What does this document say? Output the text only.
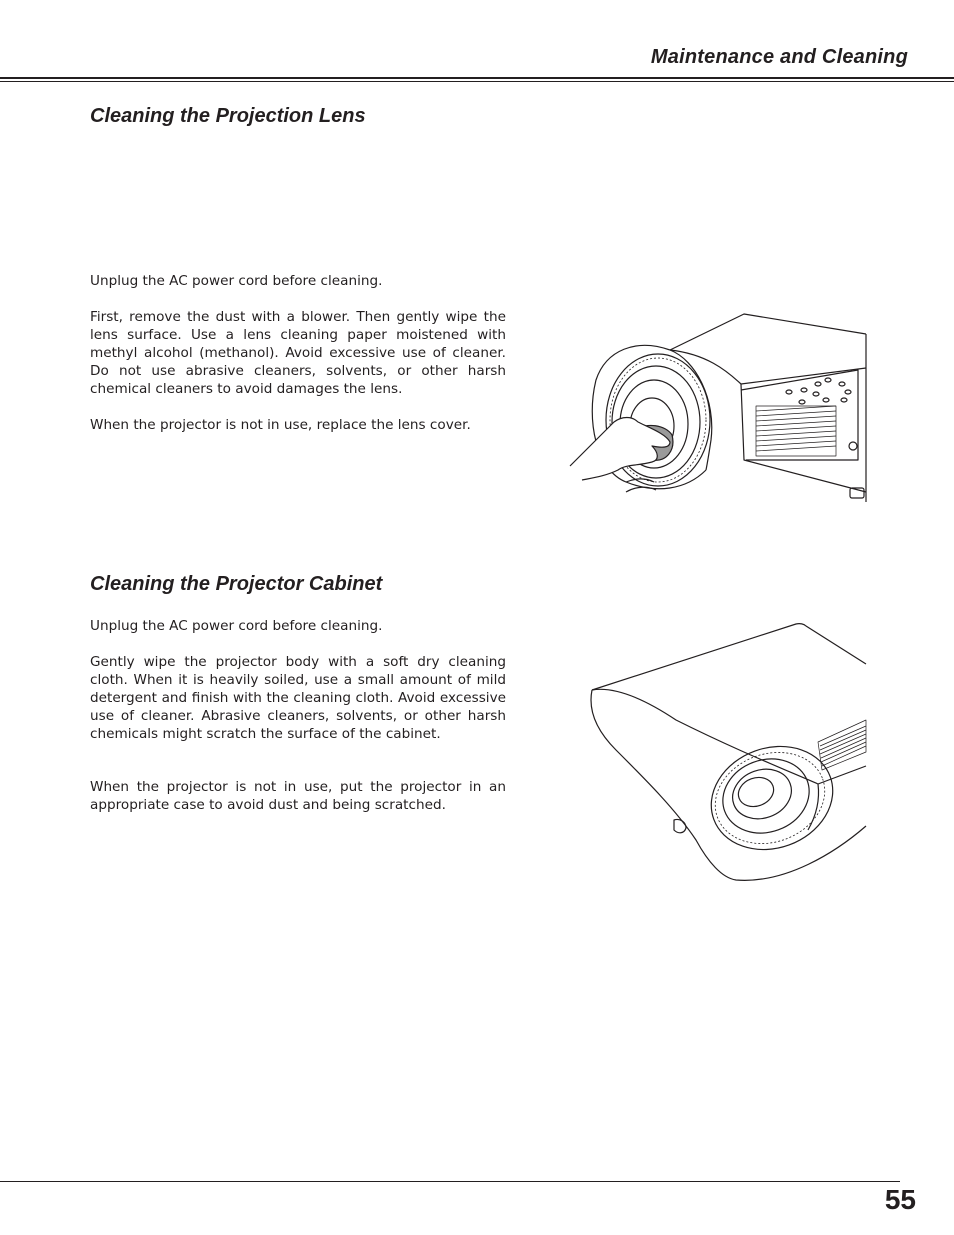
Maintenance and Cleaning
Cleaning the Projection Lens

Unplug the AC power cord before cleaning.

First, remove the dust with a blower. Then gently wipe the lens surface. Use a lens cleaning paper moistened with methyl alcohol (methanol). Avoid excessive use of cleaner. Do not use abrasive cleaners, solvents, or other harsh chemical cleaners to avoid damages the lens.

When the projector is not in use, replace the lens cover.

Cleaning the Projector Cabinet

Unplug the AC power cord before cleaning.

Gently wipe the projector body with a soft dry cleaning cloth. When it is heavily soiled, use a small amount of mild detergent and finish with the cleaning cloth. Avoid excessive use of cleaner. Abrasive cleaners, solvents, or other harsh chemicals might scratch the surface of the cabinet.

When the projector is not in use, put the projector in an appropriate case to avoid dust and being scratched.

55
